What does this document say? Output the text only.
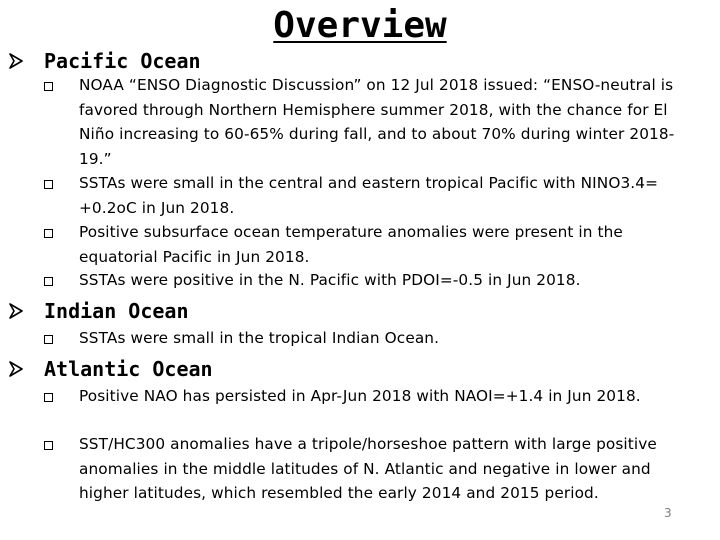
Overview
Pacific Ocean
NOAA “ENSO Diagnostic Discussion” on 12 Jul 2018 issued: “ENSO-neutral is favored through Northern Hemisphere summer 2018, with the chance for El Niño increasing to 60-65% during fall, and to about 70% during winter 2018-19.”
SSTAs were small in the central and eastern tropical Pacific with NINO3.4= +0.2oC in Jun 2018.
Positive subsurface ocean temperature anomalies were present in the equatorial Pacific in Jun 2018.
SSTAs were positive in the N. Pacific with PDOI=-0.5 in Jun 2018.
Indian Ocean
SSTAs were small in the tropical Indian Ocean.
Atlantic Ocean
Positive NAO has persisted in Apr-Jun 2018 with NAOI=+1.4 in Jun 2018.
SST/HC300 anomalies have a tripole/horseshoe pattern with large positive anomalies in the middle latitudes of N. Atlantic and negative in lower and higher latitudes, which resembled the early 2014 and 2015 period.
3
